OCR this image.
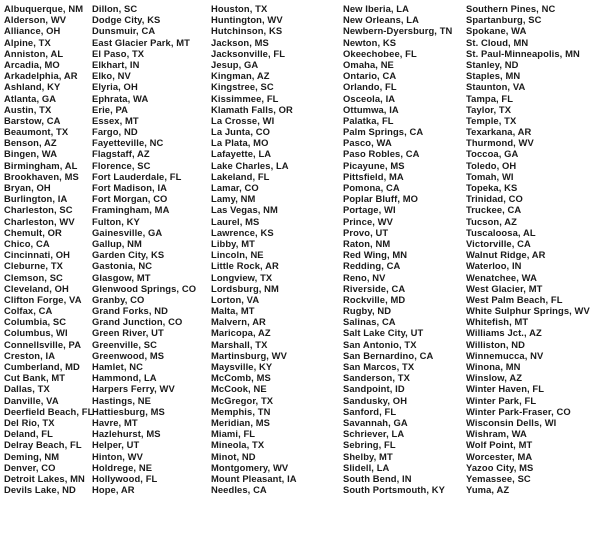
Albuquerque, NM
Alderson, WV
Alliance, OH
Alpine, TX
Anniston, AL
Arcadia, MO
Arkadelphia, AR
Ashland, KY
Atlanta, GA
Austin, TX
Barstow, CA
Beaumont, TX
Benson, AZ
Bingen, WA
Birmingham, AL
Brookhaven, MS
Bryan, OH
Burlington, IA
Charleston, SC
Charleston, WV
Chemult, OR
Chico, CA
Cincinnati, OH
Cleburne, TX
Clemson, SC
Cleveland, OH
Clifton Forge, VA
Colfax, CA
Columbia, SC
Columbus, WI
Connellsville, PA
Creston, IA
Cumberland, MD
Cut Bank, MT
Dallas, TX
Danville, VA
Deerfield Beach, FL
Del Rio, TX
Deland, FL
Delray Beach, FL
Deming, NM
Denver, CO
Detroit Lakes, MN
Devils Lake, ND
Dillon, SC
Dodge City, KS
Dunsmuir, CA
East Glacier Park, MT
El Paso, TX
Elkhart, IN
Elko, NV
Elyria, OH
Ephrata, WA
Erie, PA
Essex, MT
Fargo, ND
Fayetteville, NC
Flagstaff, AZ
Florence, SC
Fort Lauderdale, FL
Fort Madison, IA
Fort Morgan, CO
Framingham, MA
Fulton, KY
Gainesville, GA
Gallup, NM
Garden City, KS
Gastonia, NC
Glasgow, MT
Glenwood Springs, CO
Granby, CO
Grand Forks, ND
Grand Junction, CO
Green River, UT
Greenville, SC
Greenwood, MS
Hamlet, NC
Hammond, LA
Harpers Ferry, WV
Hastings, NE
Hattiesburg, MS
Havre, MT
Hazlehurst, MS
Helper, UT
Hinton, WV
Holdrege, NE
Hollywood, FL
Hope, AR
Houston, TX
Huntington, WV
Hutchinson, KS
Jackson, MS
Jacksonville, FL
Jesup, GA
Kingman, AZ
Kingstree, SC
Kissimmee, FL
Klamath Falls, OR
La Crosse, WI
La Junta, CO
La Plata, MO
Lafayette, LA
Lake Charles, LA
Lakeland, FL
Lamar, CO
Lamy, NM
Las Vegas, NM
Laurel, MS
Lawrence, KS
Libby, MT
Lincoln, NE
Little Rock, AR
Longview, TX
Lordsburg, NM
Lorton, VA
Malta, MT
Malvern, AR
Maricopa, AZ
Marshall, TX
Martinsburg, WV
Maysville, KY
McComb, MS
McCook, NE
McGregor, TX
Memphis, TN
Meridian, MS
Miami, FL
Mineola, TX
Minot, ND
Montgomery, WV
Mount Pleasant, IA
Needles, CA
New Iberia, LA
New Orleans, LA
Newbern-Dyersburg, TN
Newton, KS
Okeechobee, FL
Omaha, NE
Ontario, CA
Orlando, FL
Osceola, IA
Ottumwa, IA
Palatka, FL
Palm Springs, CA
Pasco, WA
Paso Robles, CA
Picayune, MS
Pittsfield, MA
Pomona, CA
Poplar Bluff, MO
Portage, WI
Prince, WV
Provo, UT
Raton, NM
Red Wing, MN
Redding, CA
Reno, NV
Riverside, CA
Rockville, MD
Rugby, ND
Salinas, CA
Salt Lake City, UT
San Antonio, TX
San Bernardino, CA
San Marcos, TX
Sanderson, TX
Sandpoint, ID
Sandusky, OH
Sanford, FL
Savannah, GA
Schriever, LA
Sebring, FL
Shelby, MT
Slidell, LA
South Bend, IN
South Portsmouth, KY
Southern Pines, NC
Spartanburg, SC
Spokane, WA
St. Cloud, MN
St. Paul-Minneapolis, MN
Stanley, ND
Staples, MN
Staunton, VA
Tampa, FL
Taylor, TX
Temple, TX
Texarkana, AR
Thurmond, WV
Toccoa, GA
Toledo, OH
Tomah, WI
Topeka, KS
Trinidad, CO
Truckee, CA
Tucson, AZ
Tuscaloosa, AL
Victorville, CA
Walnut Ridge, AR
Waterloo, IN
Wenatchee, WA
West Glacier, MT
West Palm Beach, FL
White Sulphur Springs, WV
Whitefish, MT
Williams Jct., AZ
Williston, ND
Winnemucca, NV
Winona, MN
Winslow, AZ
Winter Haven, FL
Winter Park, FL
Winter Park-Fraser, CO
Wisconsin Dells, WI
Wishram, WA
Wolf Point, MT
Worcester, MA
Yazoo City, MS
Yemassee, SC
Yuma, AZ
